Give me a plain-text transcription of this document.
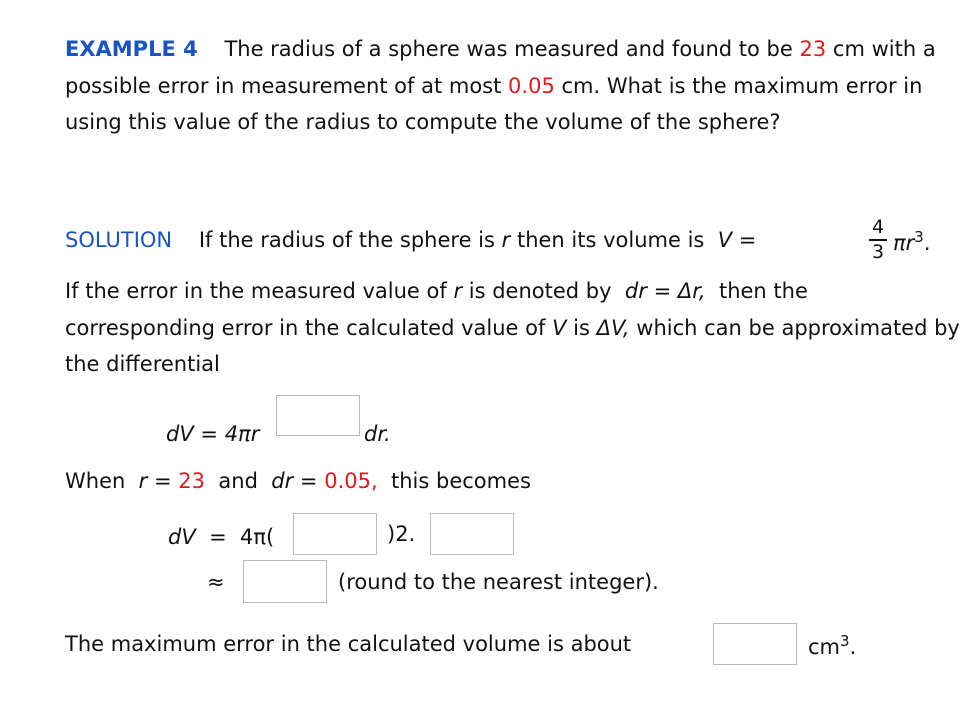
EXAMPLE 4 The radius of a sphere was measured and found to be 23 cm with a possible error in measurement of at most 0.05 cm. What is the maximum error in using this value of the radius to compute the volume of the sphere?
SOLUTION If the radius of the sphere is r then its volume is V =
4
3 $\pi r^3$.
If the error in the measured value of r is denoted by dr = Δr, then the corresponding error in the calculated value of V is ΔV, which can be approximated by the differential
dV = 4πr	dr.
When r = 23 and dr = 0.05, this becomes
dV = 4π(	)2.
≈	(round to the nearest integer).
The maximum error in the calculated volume is about	$cm^3$.
